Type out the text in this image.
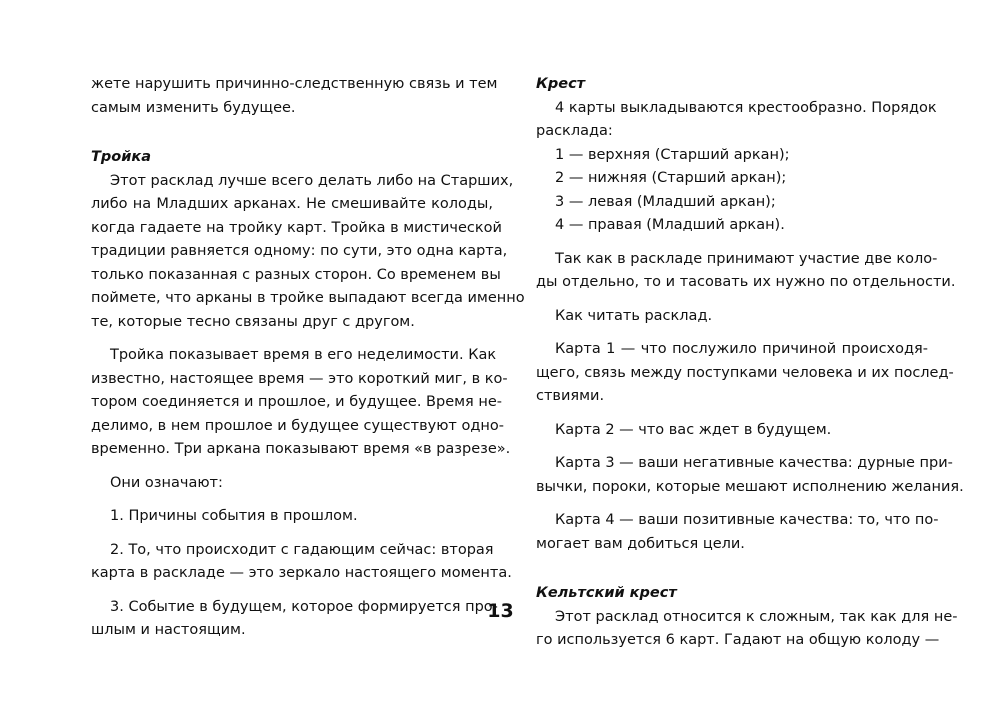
жете нарушить причинно-следственную связь и тем
самым изменить будущее.
Тройка
Этот расклад лучше всего делать либо на Старших,
либо на Младших арканах. Не смешивайте колоды,
когда гадаете на тройку карт. Тройка в мистической
традиции равняется одному: по сути, это одна карта,
только показанная с разных сторон. Со временем вы
поймете, что арканы в тройке выпадают всегда именно
те, которые тесно связаны друг с другом.
Тройка показывает время в его неделимости. Как
известно, настоящее время — это короткий миг, в ко-
тором соединяется и прошлое, и будущее. Время не-
делимо, в нем прошлое и будущее существуют одно-
временно. Три аркана показывают время «в разрезе».
Они означают:
1. Причины события в прошлом.
2. То, что происходит с гадающим сейчас: вторая
карта в раскладе — это зеркало настоящего момента.
3. Событие в будущем, которое формируется про-
шлым и настоящим.
Крест
4 карты выкладываются крестообразно. Порядок
расклада:
1 — верхняя (Старший аркан);
2 — нижняя (Старший аркан);
3 — левая (Младший аркан);
4 — правая (Младший аркан).
Так как в раскладе принимают участие две коло-
ды отдельно, то и тасовать их нужно по отдельности.
Как читать расклад.
Карта 1 — что послужило причиной происходя-
щего, связь между поступками человека и их послед-
ствиями.
Карта 2 — что вас ждет в будущем.
Карта 3 — ваши негативные качества: дурные при-
вычки, пороки, которые мешают исполнению желания.
Карта 4 — ваши позитивные качества: то, что по-
могает вам добиться цели.
Кельтский крест
Этот расклад относится к сложным, так как для не-
го используется 6 карт. Гадают на общую колоду —
13
